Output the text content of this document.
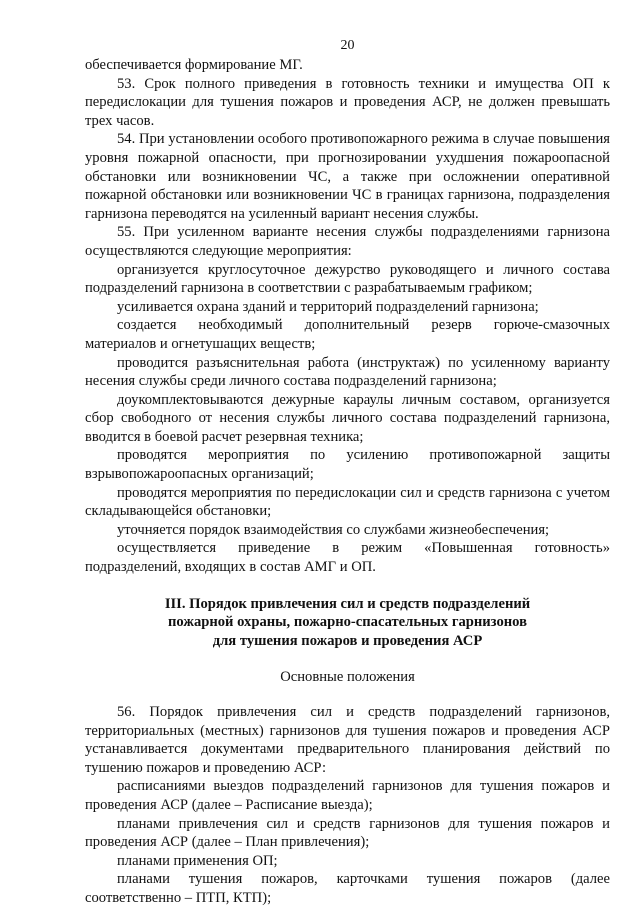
20

обеспечивается формирование МГ.

53. Срок полного приведения в готовность техники и имущества ОП к передислокации для тушения пожаров и проведения АСР, не должен превышать трех часов.

54. При установлении особого противопожарного режима в случае повышения уровня пожарной опасности, при прогнозировании ухудшения пожароопасной обстановки или возникновении ЧС, а также при осложнении оперативной пожарной обстановки или возникновении ЧС в границах гарнизона, подразделения гарнизона переводятся на усиленный вариант несения службы.

55. При усиленном варианте несения службы подразделениями гарнизона осуществляются следующие мероприятия:

организуется круглосуточное дежурство руководящего и личного состава подразделений гарнизона в соответствии с разрабатываемым графиком;

усиливается охрана зданий и территорий подразделений гарнизона;

создается необходимый дополнительный резерв горюче-смазочных материалов и огнетушащих веществ;

проводится разъяснительная работа (инструктаж) по усиленному варианту несения службы среди личного состава подразделений гарнизона;

доукомплектовываются дежурные караулы личным составом, организуется сбор свободного от несения службы личного состава подразделений гарнизона, вводится в боевой расчет резервная техника;

проводятся мероприятия по усилению противопожарной защиты взрывопожароопасных организаций;

проводятся мероприятия по передислокации сил и средств гарнизона с учетом складывающейся обстановки;

уточняется порядок взаимодействия со службами жизнеобеспечения;

осуществляется приведение в режим «Повышенная готовность» подразделений, входящих в состав АМГ и ОП.

III. Порядок привлечения сил и средств подразделений
пожарной охраны, пожарно-спасательных гарнизонов
для тушения пожаров и проведения АСР
Основные положения

56. Порядок привлечения сил и средств подразделений гарнизонов, территориальных (местных) гарнизонов для тушения пожаров и проведения АСР устанавливается документами предварительного планирования действий по тушению пожаров и проведению АСР:

расписаниями выездов подразделений гарнизонов для тушения пожаров и проведения АСР (далее – Расписание выезда);

планами привлечения сил и средств гарнизонов для тушения пожаров и проведения АСР (далее – План привлечения);

планами применения ОП;

планами тушения пожаров, карточками тушения пожаров (далее соответственно – ПТП, КТП);
